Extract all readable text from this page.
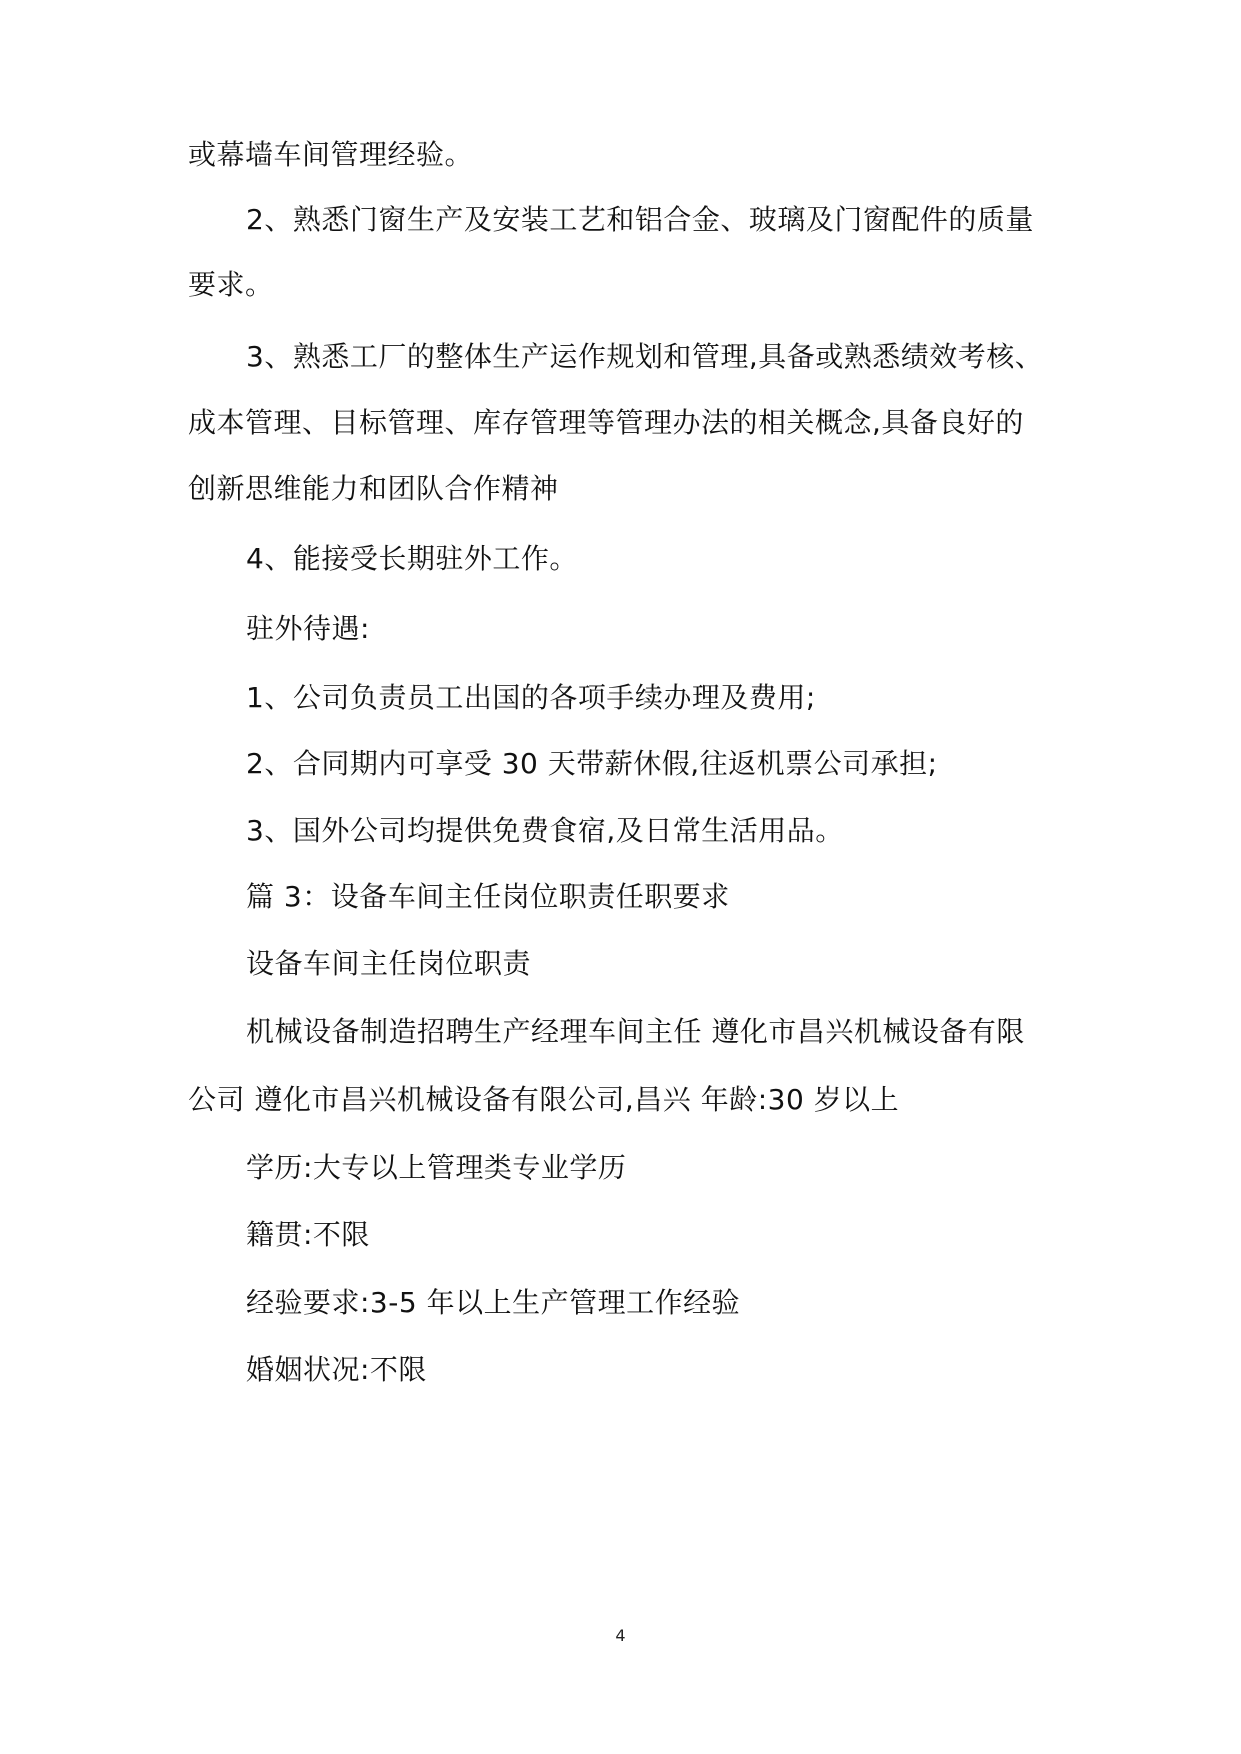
或幕墙车间管理经验。
2、熟悉门窗生产及安装工艺和铝合金、玻璃及门窗配件的质量
要求。
3、熟悉工厂的整体生产运作规划和管理,具备或熟悉绩效考核、
成本管理、目标管理、库存管理等管理办法的相关概念,具备良好的
创新思维能力和团队合作精神
4、能接受长期驻外工作。
驻外待遇:
1、公司负责员工出国的各项手续办理及费用;
2、合同期内可享受 30 天带薪休假,往返机票公司承担;
3、国外公司均提供免费食宿,及日常生活用品。
篇 3：设备车间主任岗位职责任职要求
设备车间主任岗位职责
机械设备制造招聘生产经理车间主任 遵化市昌兴机械设备有限
公司 遵化市昌兴机械设备有限公司,昌兴 年龄:30 岁以上
学历:大专以上管理类专业学历
籍贯:不限
经验要求:3-5 年以上生产管理工作经验
婚姻状况:不限
4
